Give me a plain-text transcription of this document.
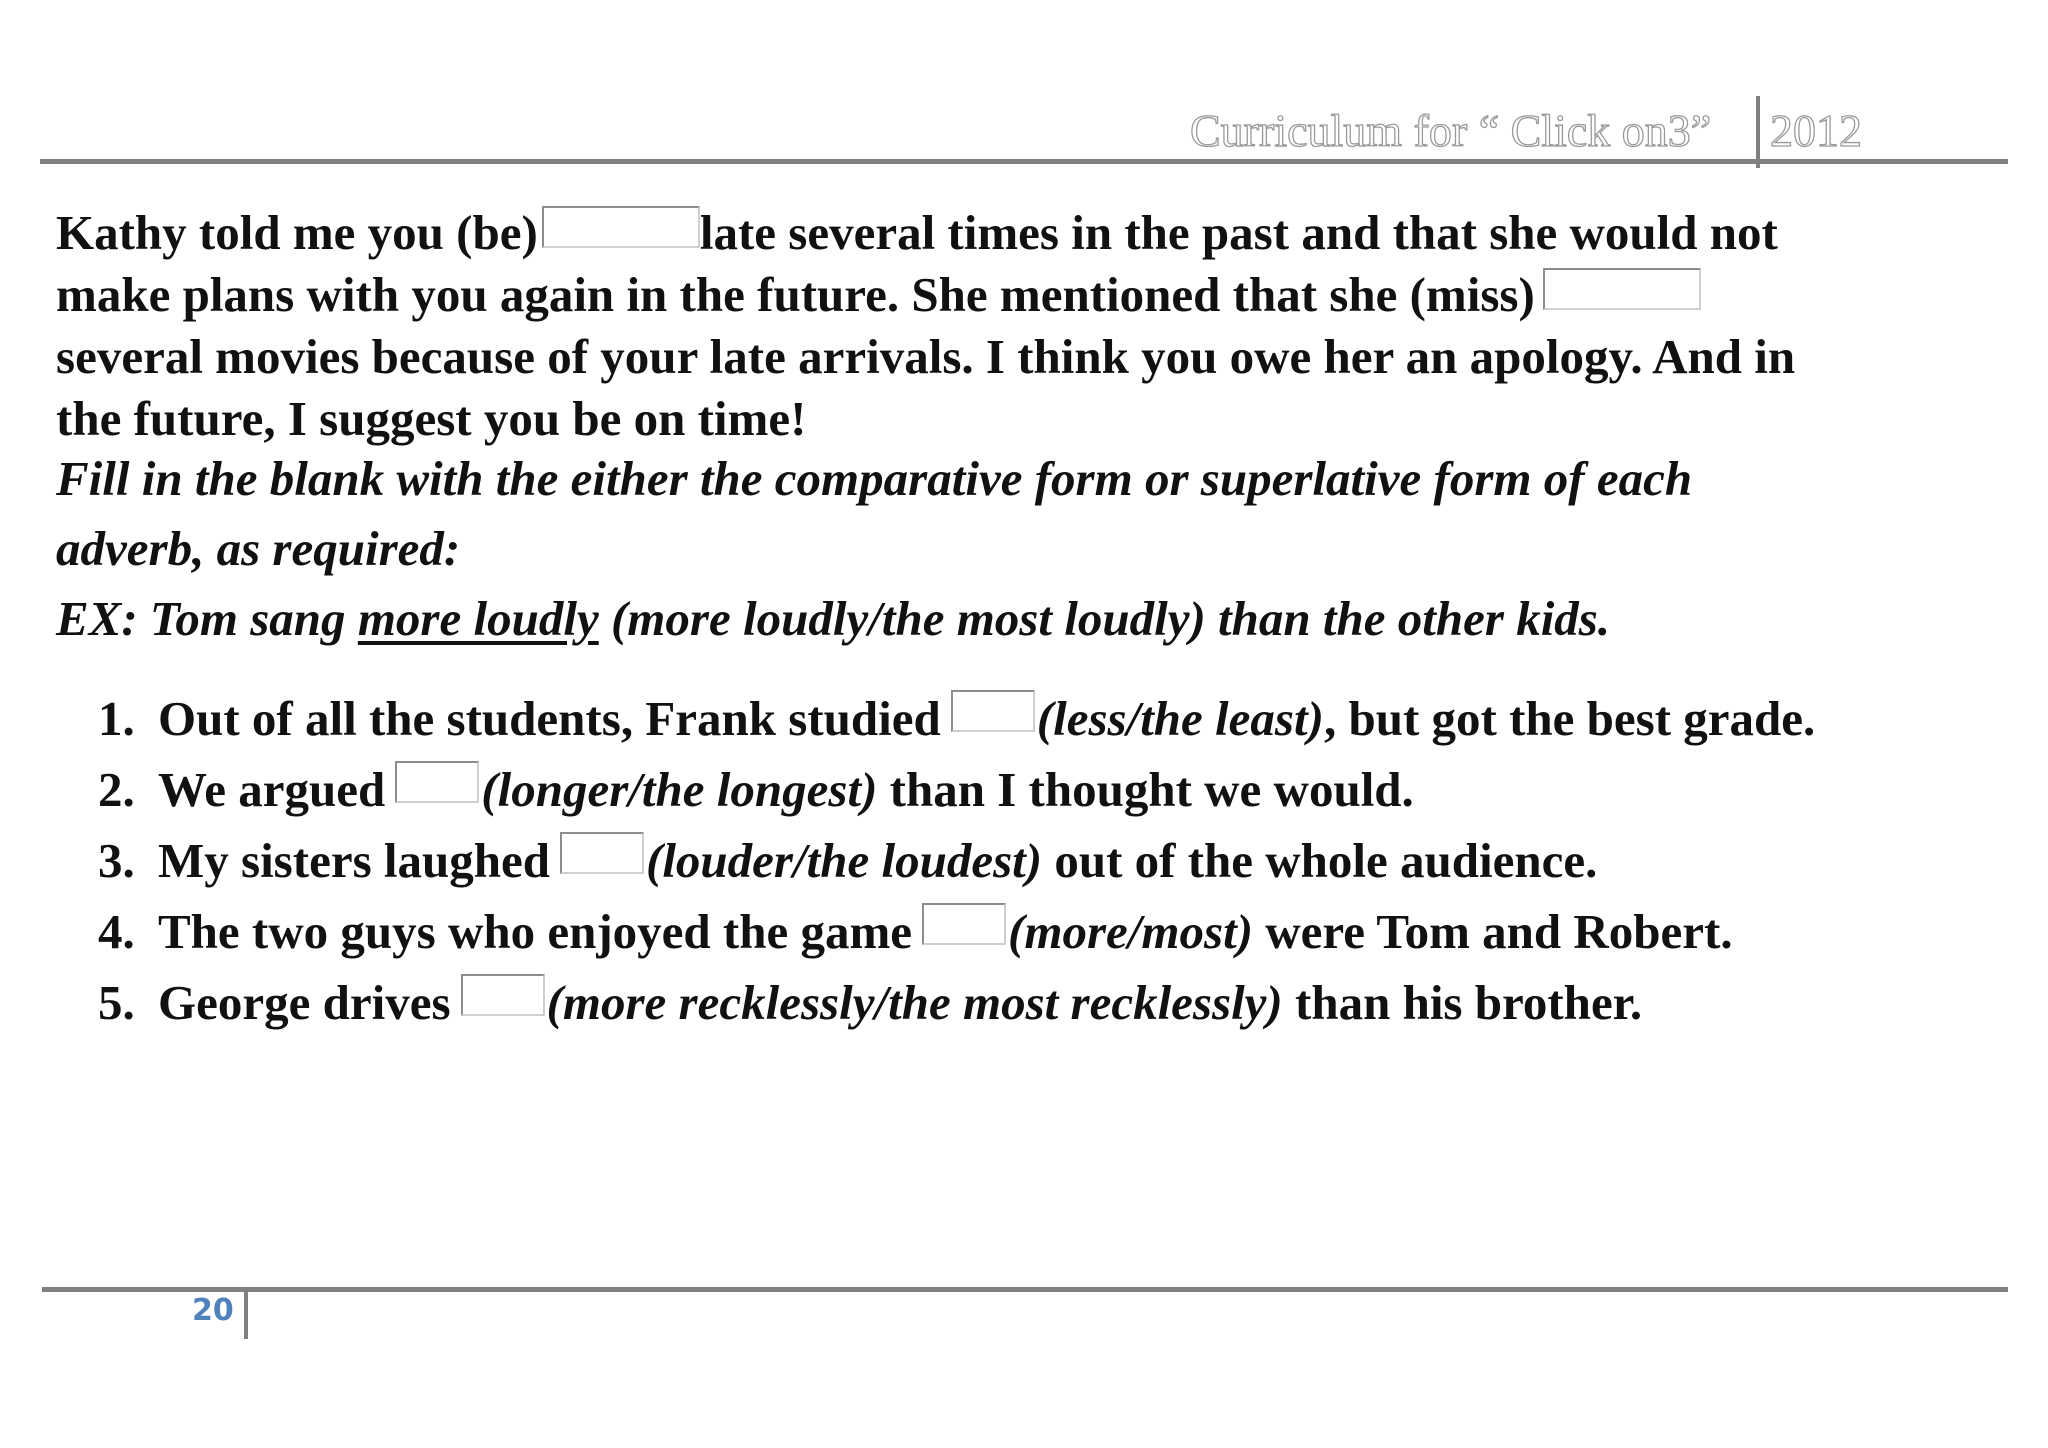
Curriculum for “ Click on3” 2012
Kathy told me you (be)	late several times in the past and that she would not
make plans with you again in the future. She mentioned that she (miss)
several movies because of your late arrivals. I think you owe her an apology. And in
the future, I suggest you be on time!
Fill in the blank with the either the comparative form or superlative form of each
adverb, as required:
EX: Tom sang more loudly (more loudly/the most loudly) than the other kids.
1. Out of all the students, Frank studied (less/the least), but got the best grade.
2. We argued (longer/the longest) than I thought we would.
3. My sisters laughed (louder/the loudest) out of the whole audience.
4. The two guys who enjoyed the game (more/most) were Tom and Robert.
5. George drives (more recklessly/the most recklessly) than his brother.
20
